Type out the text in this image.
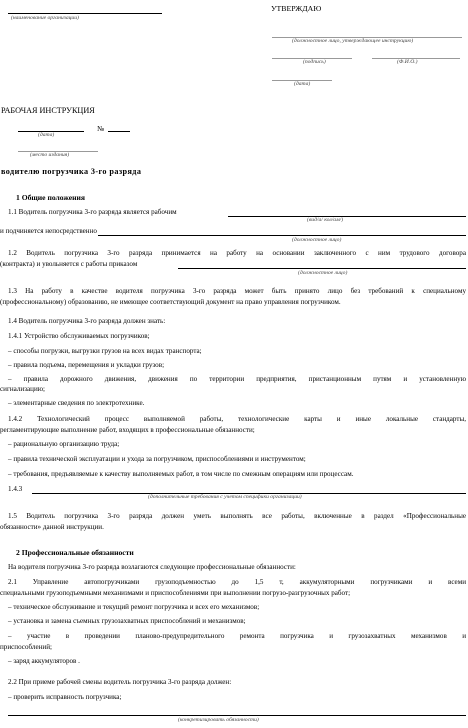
(наименование организации)
УТВЕРЖДАЮ
(должностное лицо, утверждающее инструкцию)
(подпись)	(Ф.И.О.)
(дата)
РАБОЧАЯ ИНСТРУКЦИЯ
№
(дата)
(место издания)
водителю погрузчика 3-го разряда
1 Общие положения
1.1 Водитель погрузчика 3-го разряда является рабочим
(вид/а/ кол/ам/)
и подчиняется непосредственно
(должностное лицо)
1.2 Водитель погрузчика 3-го разряда принимается на работу на основании заключенного с ним трудового договора
(контракта) и увольняется с работы приказом
(должностное лицо)
1.3 На работу в качестве водителя погрузчика 3-го разряда может быть принято лицо без требований к специальному
(профессиональному) образованию, не имеющее соответствующий документ на право управления погрузчиком.
1.4 Водитель погрузчика 3-го разряда должен знать:
1.4.1 Устройство обслуживаемых погрузчиков;
– способы погрузки, выгрузки грузов на всех видах транспорта;
– правила подъема, перемещения и укладки грузов;
– правила дорожного движения, движения по территории предприятия, пристанционным путям и установленную
сигнализацию;
– элементарные сведения по электротехнике.
1.4.2 Технологический процесс выполняемой работы, технологические карты и иные локальные стандарты,
регламентирующие выполнение работ, входящих в профессиональные обязанности;
– рациональную организацию труда;
– правила технической эксплуатации и ухода за погрузчиком, приспособлениями и инструментом;
– требования, предъявляемые к качеству выполняемых работ, в том числе по смежным операциям или процессам.
1.4.3
(дополнительные требования с учетом специфики организации)
1.5 Водитель погрузчика 3-го разряда должен уметь выполнять все работы, включенные в раздел «Профессиональные
обязанности» данной инструкции.
2 Профессиональные обязанности
На водителя погрузчика 3-го разряда возлагаются следующие профессиональные обязанности:
2.1 Управление автопогрузчиками грузоподъемностью до 1,5 т, аккумуляторными погрузчиками и всеми
специальными грузоподъемными механизмами и приспособлениями при выполнении погрузо-разгрузочных работ;
– техническое обслуживание и текущий ремонт погрузчика и всех его механизмов;
– установка и замена съемных грузозахватных приспособлений и механизмов;
– участие в проведении планово-предупредительного ремонта погрузчика и грузозахватных механизмов и
приспособлений;
– заряд аккумуляторов .
2.2 При приеме рабочей смены водитель погрузчика 3-го разряда должен:
– проверить исправность погрузчика;
(конкретизировать обязанности)
